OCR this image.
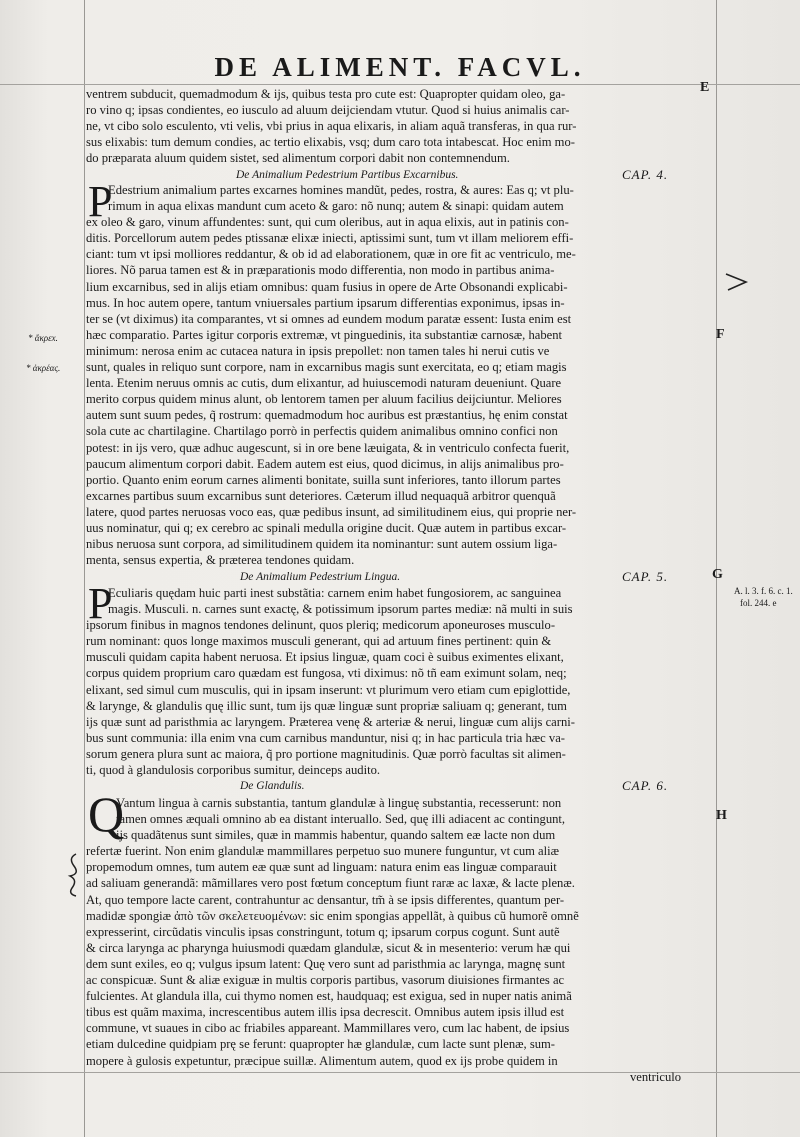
DE ALIMENT. FACVL.
ventrem subducit, quemadmodum & ijs, quibus testa pro cute est: Quapropter quidam oleo, ga-
ro vino q; ipsas condientes, eo iusculo ad aluum deijciendam vtutur. Quod si huius animalis car-
ne, vt cibo solo esculento, vti velis, vbi prius in aqua elixaris, in aliam aquã transferas, in qua rur-
sus elixabis: tum demum condies, ac tertio elixabis, vsq; dum caro tota intabescat. Hoc enim mo-
do præparata aluum quidem sistet, sed alimentum corpori dabit non contemnendum.
De Animalium Pedestrium Partibus Excarnibus.	CAP. 4.
P
Edestrium animalium partes excarnes homines mandũt, pedes, rostra, & aures: Eas q; vt plu-
rimum in aqua elixas mandunt cum aceto & garo: nõ nunq; autem & sinapi: quidam autem
ex oleo & garo, vinum affundentes: sunt, qui cum oleribus, aut in aqua elixis, aut in patinis con-
ditis. Porcellorum autem pedes ptissanæ elixæ iniecti, aptissimi sunt, tum vt illam meliorem effi-
ciant: tum vt ipsi molliores reddantur, & ob id ad elaborationem, quæ in ore fit ac ventriculo, me-
liores. Nõ parua tamen est & in præparationis modo differentia, non modo in partibus anima-
lium excarnibus, sed in alijs etiam omnibus: quam fusius in opere de Arte Obsonandi explicabi-
mus. In hoc autem opere, tantum vniuersales partium ipsarum differentias exponimus, ipsas in-
ter se (vt diximus) ita comparantes, vt si omnes ad eundem modum paratæ essent: Iusta enim est
hæc comparatio. Partes igitur corporis extremæ, vt pinguedinis, ita substantiæ carnosæ, habent
minimum: nerosa enim ac cutacea natura in ipsis prepollet: non tamen tales hi nerui cutis ve
sunt, quales in reliquo sunt corpore, nam in excarnibus magis sunt exercitata, eo q; etiam magis
lenta. Etenim neruus omnis ac cutis, dum elixantur, ad huiuscemodi naturam deueniunt. Quare
merito corpus quidem minus alunt, ob lentorem tamen per aluum facilius deijciuntur. Meliores
autem sunt suum pedes, q̃ rostrum: quemadmodum hoc auribus est præstantius, hę enim constat
sola cute ac chartilagine. Chartilago porrò in perfectis quidem animalibus omnino confici non
potest: in ijs vero, quæ adhuc augescunt, si in ore bene læuigata, & in ventriculo confecta fuerit,
paucum alimentum corpori dabit. Eadem autem est eius, quod dicimus, in alijs animalibus pro-
portio. Quanto enim eorum carnes alimenti bonitate, suilla sunt inferiores, tanto illorum partes
excarnes partibus suum excarnibus sunt deteriores. Cæterum illud nequaquã arbitror quenquã
latere, quod partes neruosas voco eas, quæ pedibus insunt, ad similitudinem eius, qui proprie ner-
uus nominatur, qui q; ex cerebro ac spinali medulla origine ducit. Quæ autem in partibus excar-
nibus neruosa sunt corpora, ad similitudinem quidem ita nominantur: sunt autem ossium liga-
menta, sensus expertia, & præterea tendones quidam.
De Animalium Pedestrium Lingua.	CAP. 5.
P
Eculiaris quędam huic parti inest substãtia: carnem enim habet fungosiorem, ac sanguinea
magis. Musculi. n. carnes sunt exactę, & potissimum ipsorum partes mediæ: nã multi in suis
ipsorum finibus in magnos tendones delinunt, quos pleriq; medicorum aponeuroses musculo-
rum nominant: quos longe maximos musculi generant, qui ad artuum fines pertinent: quin &
musculi quidam capita habent neruosa. Et ipsius linguæ, quam coci è suibus eximentes elixant,
corpus quidem proprium caro quædam est fungosa, vti diximus: nõ tñ eam eximunt solam, neq;
elixant, sed simul cum musculis, qui in ipsam inserunt: vt plurimum vero etiam cum epiglottide,
& larynge, & glandulis quę illic sunt, tum ijs quæ linguæ sunt propriæ saliuam q; generant, tum
ijs quæ sunt ad paristhmia ac laryngem. Præterea venę & arteriæ & nerui, linguæ cum alijs carni-
bus sunt communia: illa enim vna cum carnibus manduntur, nisi q; in hac particula tria hæc va-
sorum genera plura sunt ac maiora, q̃ pro portione magnitudinis. Quæ porrò facultas sit alimen-
ti, quod à glandulosis corporibus sumitur, deinceps audito.
De Glandulis.	CAP. 6.
Q
Vantum lingua à carnis substantia, tantum glandulæ à linguę substantia, recesserunt: non
tamen omnes æquali omnino ab ea distant interuallo. Sed, quę illi adiacent ac contingunt,
ijs quadãtenus sunt similes, quæ in mammis habentur, quando saltem eæ lacte non dum
refertæ fuerint. Non enim glandulæ mammillares perpetuo suo munere funguntur, vt cum aliæ
propemodum omnes, tum autem eæ quæ sunt ad linguam: natura enim eas linguæ comparauit
ad saliuam generandã: mãmillares vero post fœtum conceptum fiunt raræ ac laxæ, & lacte plenæ.
At, quo tempore lacte carent, contrahuntur ac densantur, tm̃ à se ipsis differentes, quantum per-
madidæ spongiæ ἀπὸ τῶν σκελετευομένων: sic enim spongias appellãt, à quibus cũ humorẽ omnẽ
expresserint, circũdatis vinculis ipsas constringunt, totum q; ipsarum corpus cogunt. Sunt autẽ
& circa larynga ac pharynga huiusmodi quædam glandulæ, sicut & in mesenterio: verum hæ qui
dem sunt exiles, eo q; vulgus ipsum latent: Quę vero sunt ad paristhmia ac larynga, magnę sunt
ac conspicuæ. Sunt & aliæ exiguæ in multis corporis partibus, vasorum diuisiones firmantes ac
fulcientes. At glandula illa, cui thymo nomen est, haudquaq; est exigua, sed in nuper natis animã
tibus est quãm maxima, increscentibus autem illis ipsa decrescit. Omnibus autem ipsis illud est
commune, vt suaues in cibo ac friabiles appareant. Mammillares vero, cum lac habent, de ipsius
etiam dulcedine quidpiam prę se ferunt: quapropter hæ glandulæ, cum lacte sunt plenæ, sum-
mopere à gulosis expetuntur, præcipue suillæ. Alimentum autem, quod ex ijs probe quidem in
ventriculo
E
F
G
H
* ἄκρεx.
* ἀκρέας.
A. l. 3. f. 6. c. 1.
fol. 244. e
